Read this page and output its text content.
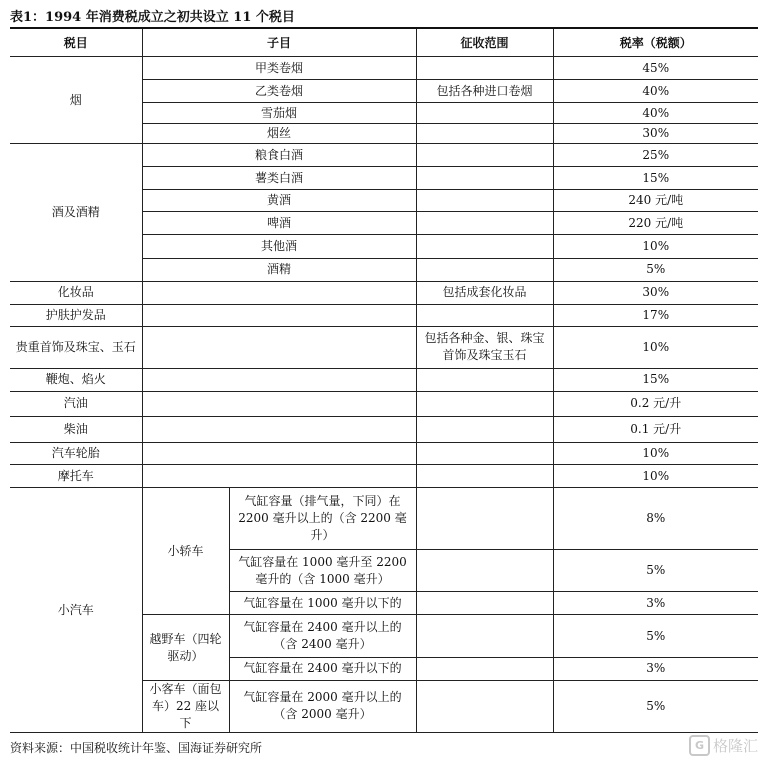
表1：1994 年消费税成立之初共设立 11 个税目
税目	子目		征收范围	税率（税额）
烟	甲类卷烟			45%
	乙类卷烟		包括各种进口卷烟	40%
	雪茄烟			40%
	烟丝			30%
酒及酒精	粮食白酒			25%
	薯类白酒			15%
	黄酒			240 元/吨
	啤酒			220 元/吨
	其他酒			10%
	酒精			5%
化妆品			包括成套化妆品	30%
护肤护发品				17%
贵重首饰及珠宝、玉石			包括各种金、银、珠宝首饰及珠宝玉石	10%
鞭炮、焰火				15%
汽油				0.2 元/升
柴油				0.1 元/升
汽车轮胎				10%
摩托车				10%
小汽车	小轿车	气缸容量（排气量，下同）在 2200 毫升以上的（含 2200 毫升）		8%
		气缸容量在 1000 毫升至 2200 毫升的（含 1000 毫升）		5%
		气缸容量在 1000 毫升以下的		3%
	越野车（四轮驱动）	气缸容量在 2400 毫升以上的（含 2400 毫升）		5%
		气缸容量在 2400 毫升以下的		3%
	小客车（面包车）22 座以下	气缸容量在 2000 毫升以上的（含 2000 毫升）		5%
资料来源：中国税收统计年鉴、国海证券研究所	G 格隆汇
